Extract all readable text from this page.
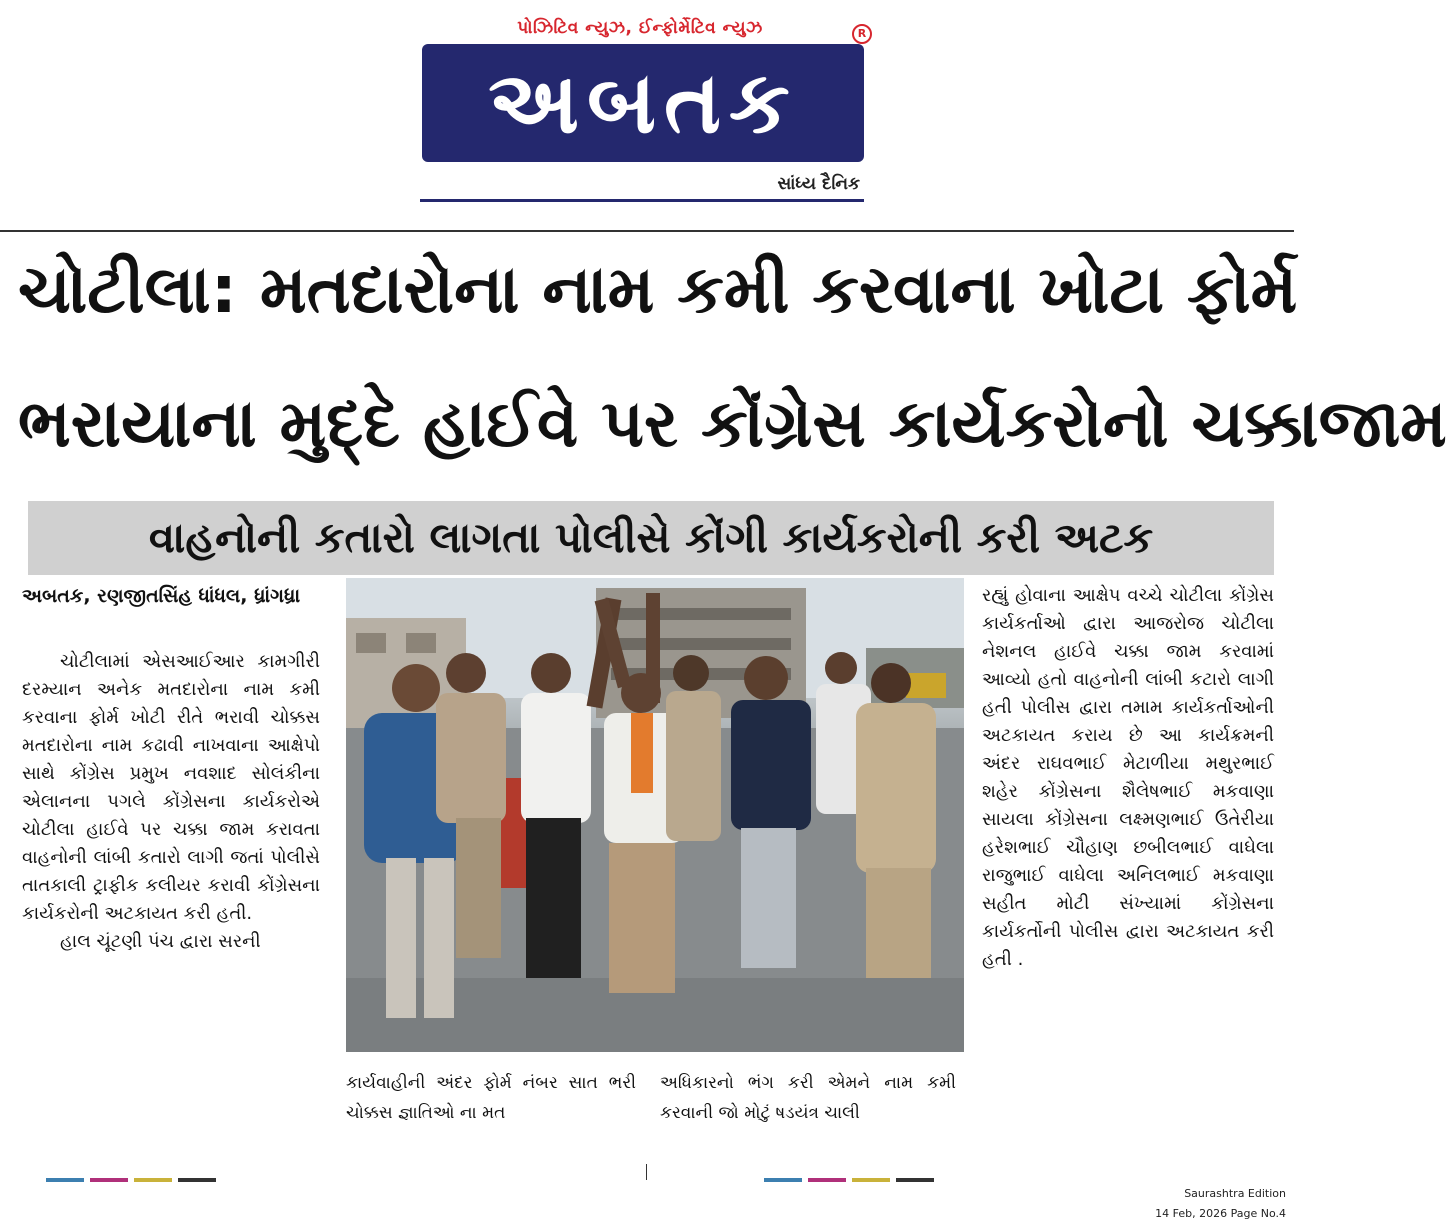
પોઝિટિવ ન્યુઝ, ઈન્ફોર્મેટિવ ન્યુઝ	R
અબતક
સાંધ્ય દૈનિક
ચોટીલા: મતદારોના નામ કમી કરવાના ખોટા ફોર્મ
ભરાયાના મુદ્દે હાઈવે પર કોંગ્રેસ કાર્યકરોનો ચક્કાજામ
વાહનોની કતારો લાગતા પોલીસે કોંગી કાર્યકરોની કરી અટક
અબતક, રણજીતસિંહ ધાંધલ, ધ્રાંગધ્રા

ચોટીલામાં એસઆઈઆર કામગીરી દરમ્યાન અનેક મતદારોના નામ કમી કરવાના ફોર્મ ખોટી રીતે ભરાવી ચોક્કસ મતદારોના નામ કઢાવી નાખવાના આક્ષેપો સાથે કોંગ્રેસ પ્રમુખ નવશાદ સોલંકીના એલાનના પગલે કોંગ્રેસના કાર્યકરોએ ચોટીલા હાઈવે પર ચક્કા જામ કરાવતા વાહનોની લાંબી કતારો લાગી જતાં પોલીસે તાતકાલી ટ્રાફીક કલીયર કરાવી કોંગ્રેસના કાર્યકરોની અટકાયત કરી હતી.

હાલ ચૂંટણી પંચ દ્વારા સરની

કાર્યવાહીની અંદર ફોર્મ નંબર સાત ભરી ચોક્કસ જ્ઞાતિઓ ના મત
અધિકારનો ભંગ કરી એમને નામ કમી કરવાની જો મોટું ષડયંત્ર ચાલી
રહ્યું હોવાના આક્ષેપ વચ્ચે ચોટીલા કોંગ્રેસ કાર્યકર્તાઓ દ્વારા આજરોજ ચોટીલા નેશનલ હાઈવે ચક્કા જામ કરવામાં આવ્યો હતો વાહનોની લાંબી કટારો લાગી હતી પોલીસ દ્વારા તમામ કાર્યકર્તાઓની અટકાયત કરાય છે આ કાર્યક્રમની અંદર રાઘવભાઈ મેટાળીયા મથુરભાઈ શહેર કોંગ્રેસના શૈલેષભાઈ મકવાણા સાયલા કોંગ્રેસના લક્ષ્મણભાઈ ઉતેરીયા હરેશભાઈ ચૌહાણ છબીલભાઈ વાઘેલા રાજુભાઈ વાઘેલા અનિલભાઈ મકવાણા સહીત મોટી સંખ્યામાં કોંગ્રેસના કાર્યકર્તોની પોલીસ દ્વારા અટકાયત કરી હતી .
Saurashtra Edition
14 Feb, 2026 Page No.4
